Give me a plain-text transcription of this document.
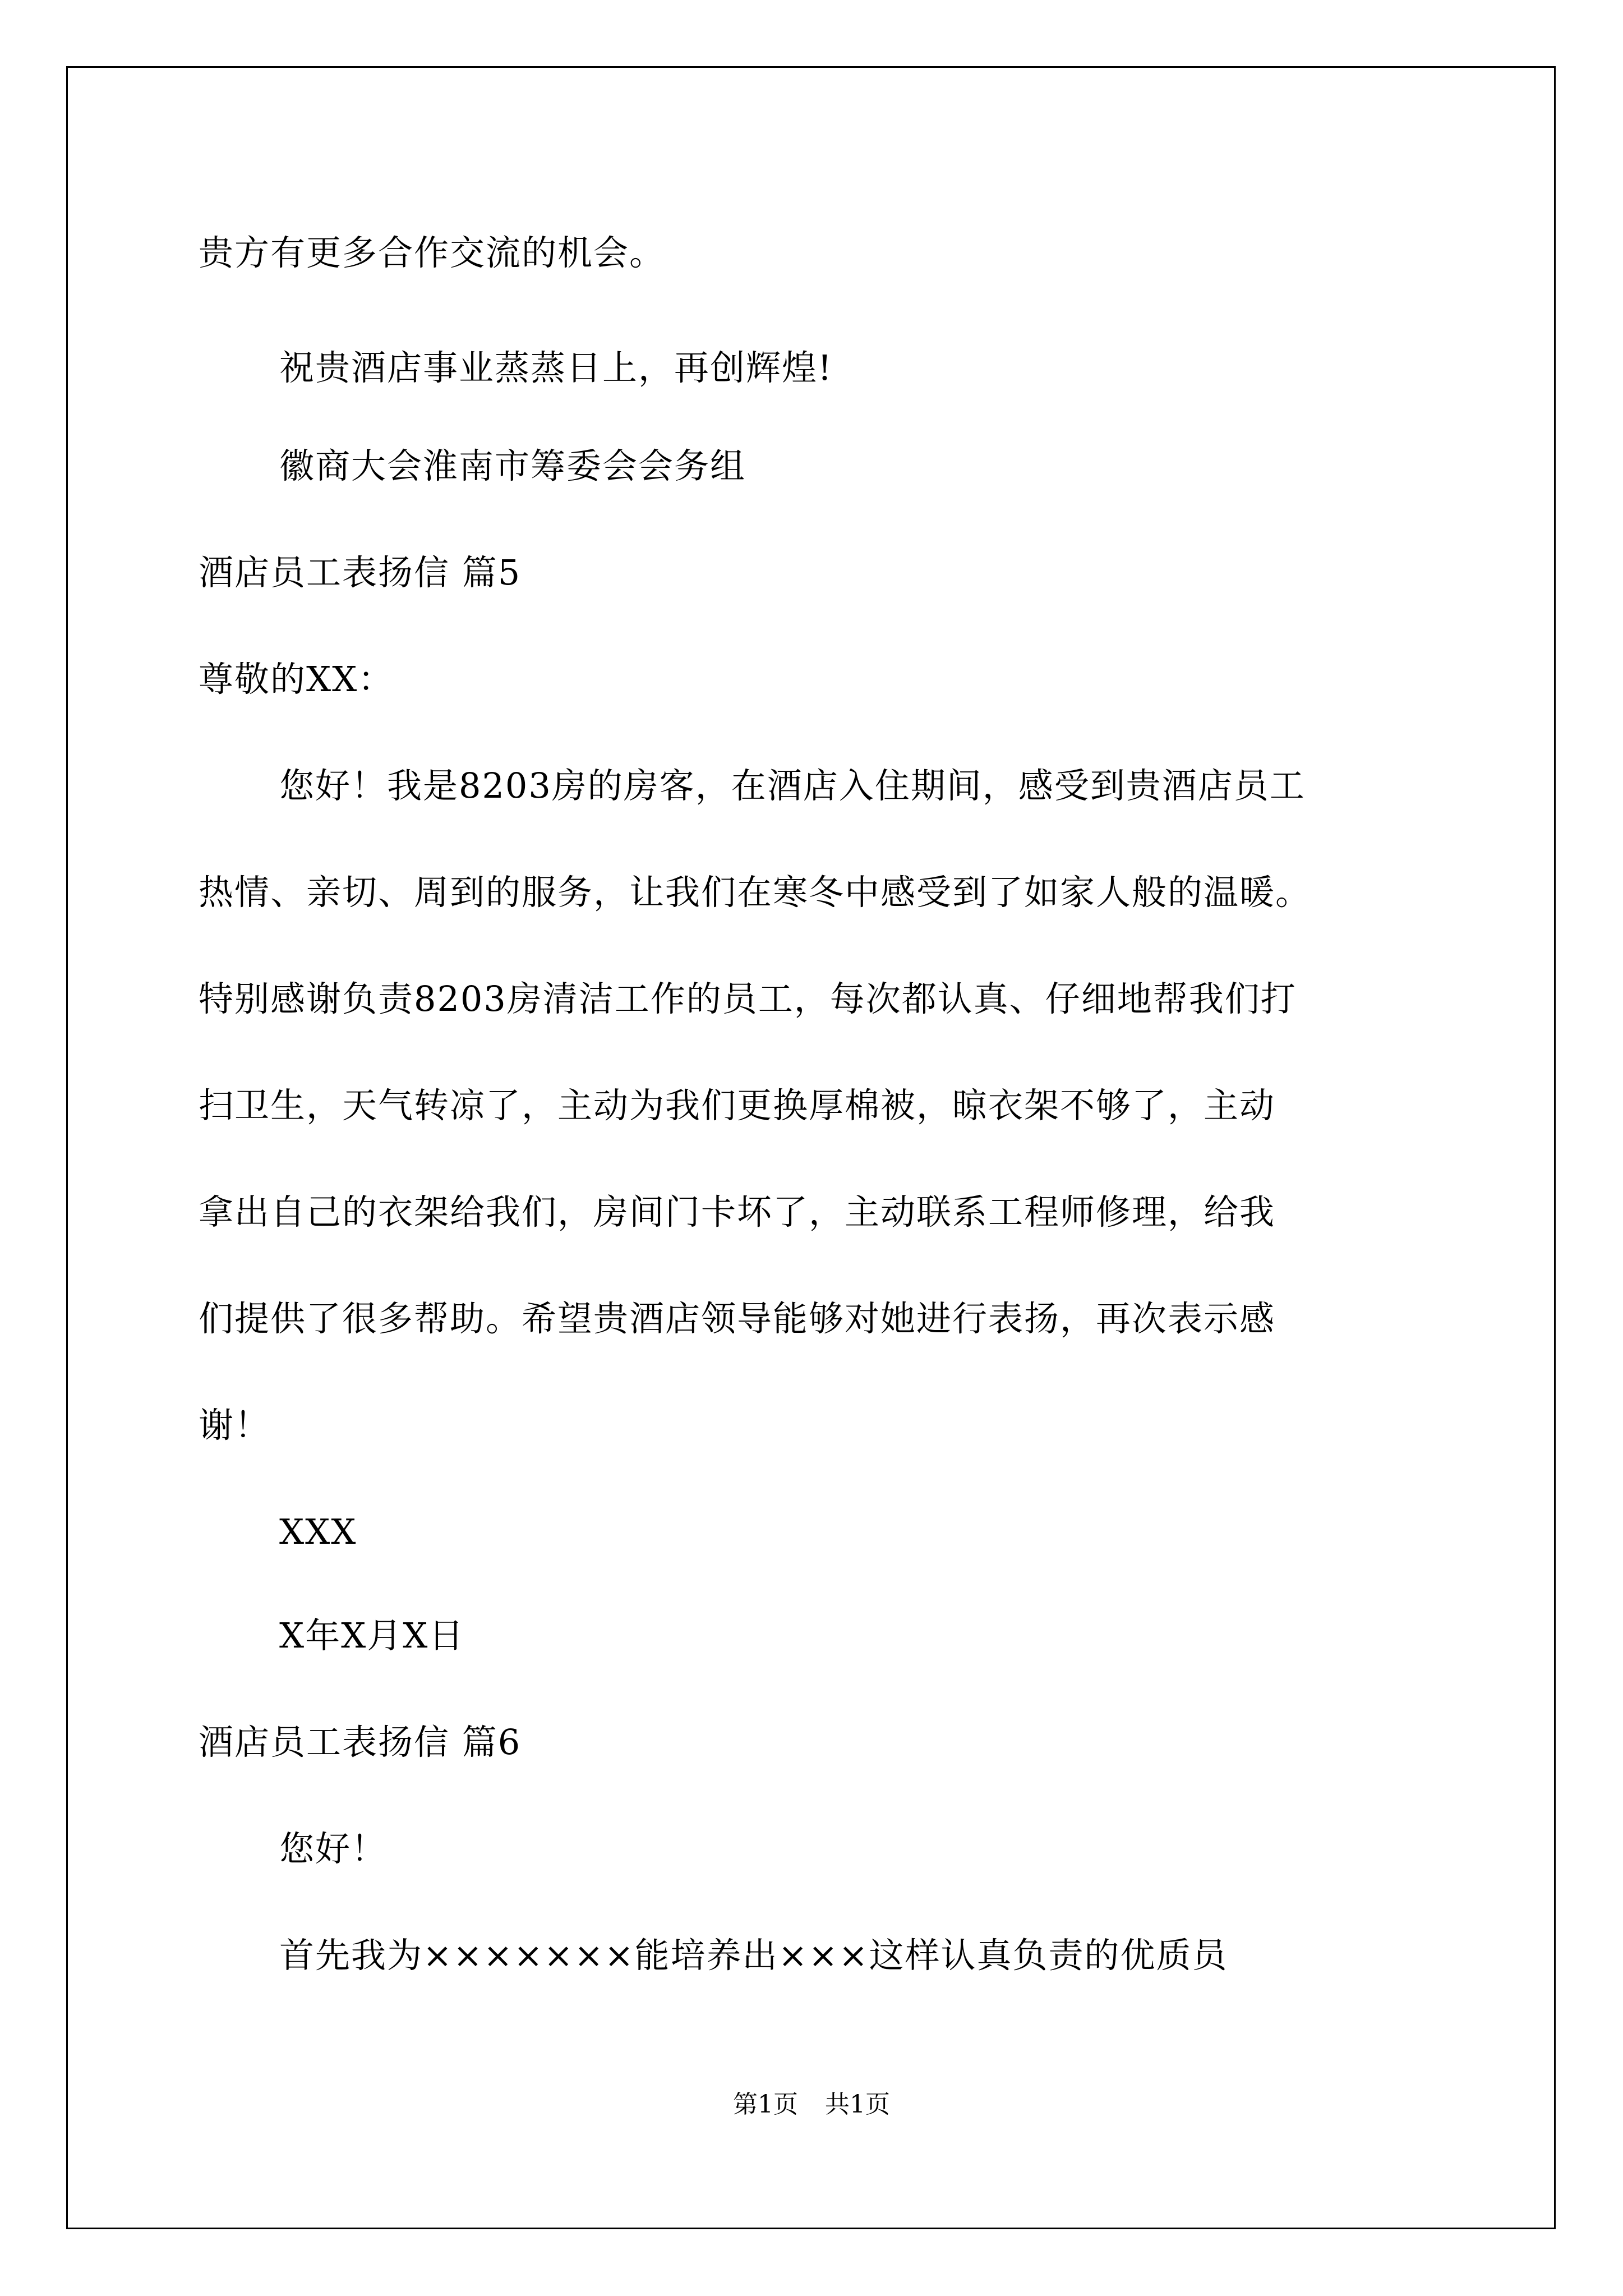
贵方有更多合作交流的机会。
祝贵酒店事业蒸蒸日上，再创辉煌!
徽商大会淮南市筹委会会务组
酒店员工表扬信 篇5
尊敬的XX：
您好！我是8203房的房客，在酒店入住期间，感受到贵酒店员工
热情、亲切、周到的服务，让我们在寒冬中感受到了如家人般的温暖。
特别感谢负责8203房清洁工作的员工，每次都认真、仔细地帮我们打
扫卫生，天气转凉了，主动为我们更换厚棉被，晾衣架不够了，主动
拿出自己的衣架给我们，房间门卡坏了，主动联系工程师修理，给我
们提供了很多帮助。希望贵酒店领导能够对她进行表扬，再次表示感
谢！
XXX
X年X月X日
酒店员工表扬信 篇6
您好！
首先我为×××××××能培养出×××这样认真负责的优质员
第1页 共1页
